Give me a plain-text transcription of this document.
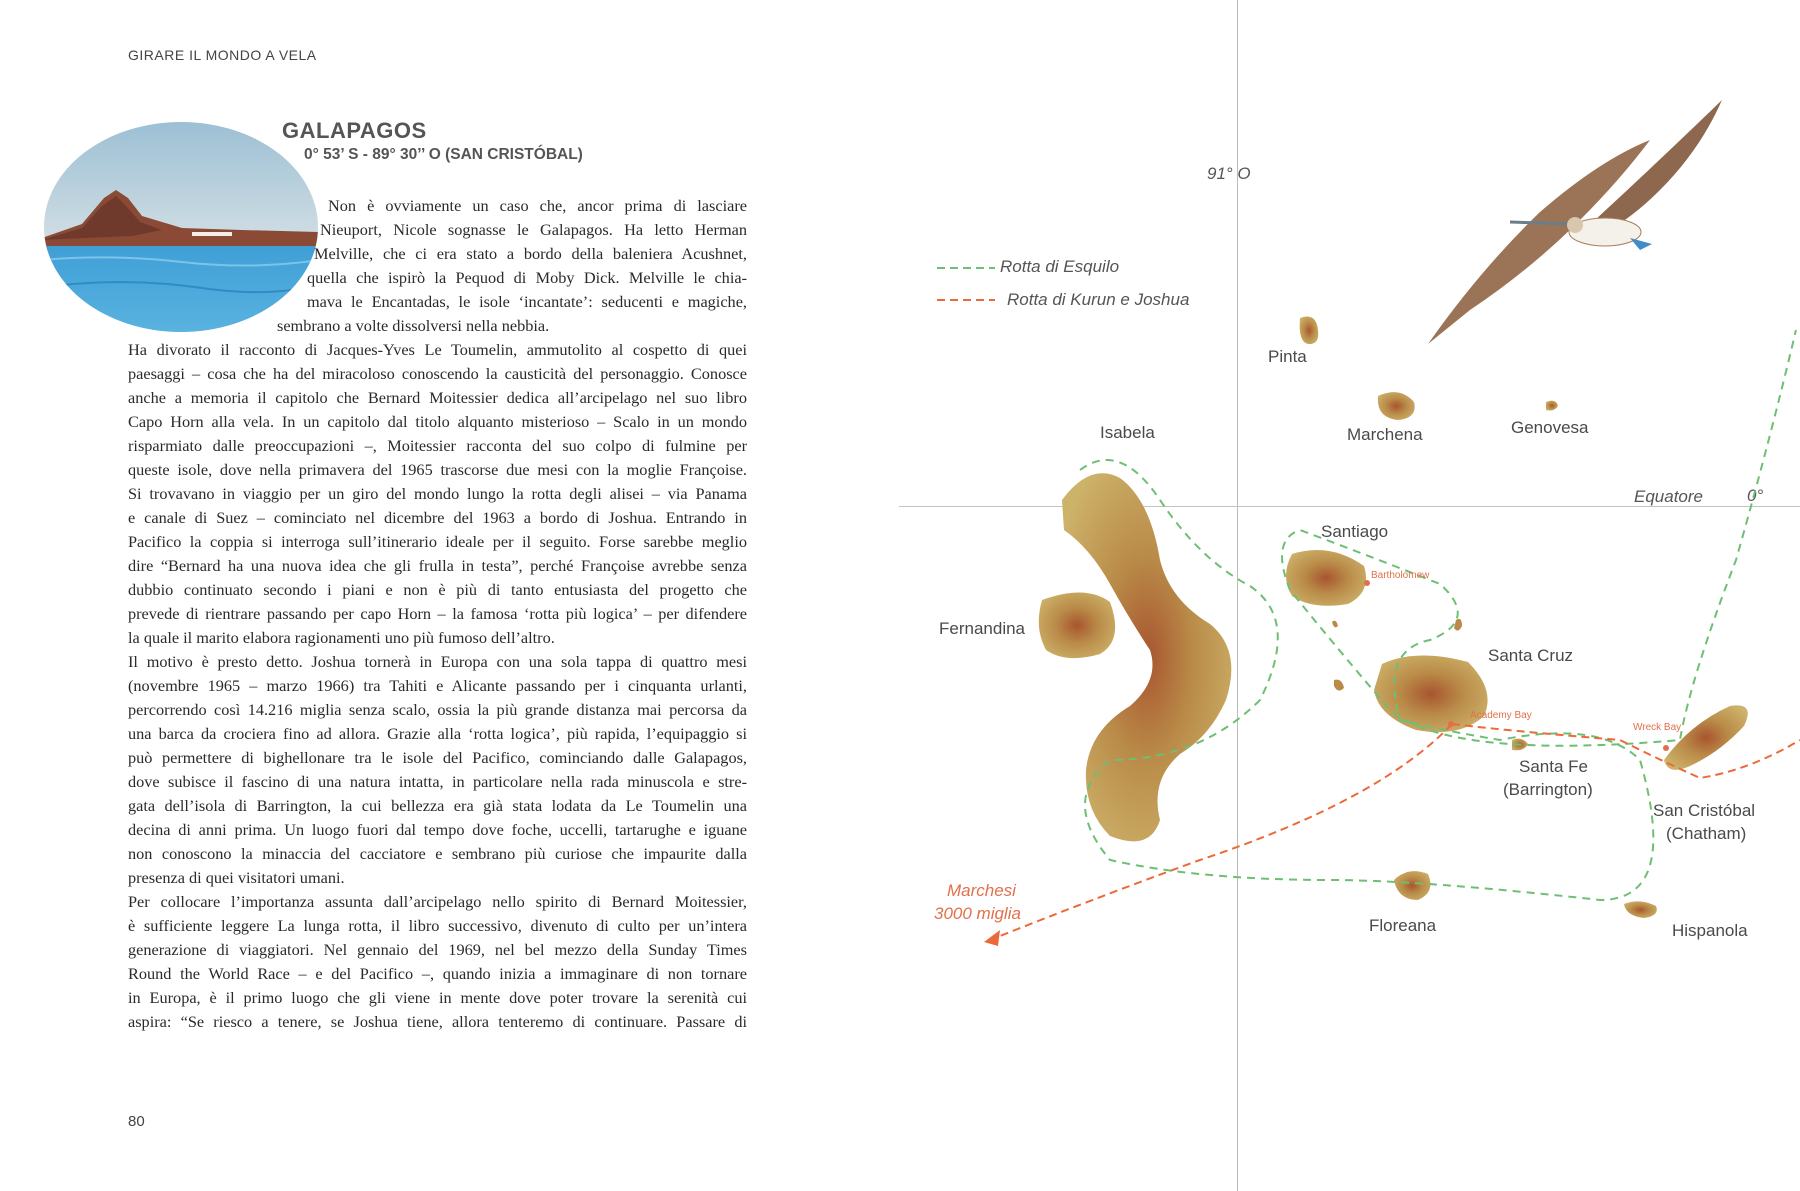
GIRARE IL MONDO A VELA
GALAPAGOS
0° 53’ S - 89° 30’’ O (SAN CRISTÓBAL)
Non è ovviamente un caso che, ancor prima di lasciare
Nieuport, Nicole sognasse le Galapagos. Ha letto Herman
Melville, che ci era stato a bordo della baleniera Acushnet,
quella che ispirò la Pequod di Moby Dick. Melville le chia-
mava le Encantadas, le isole ‘incantate’: seducenti e magiche,
sembrano a volte dissolversi nella nebbia.
Ha divorato il racconto di Jacques-Yves Le Toumelin, ammutolito al cospetto di quei
paesaggi – cosa che ha del miracoloso conoscendo la causticità del personaggio. Conosce
anche a memoria il capitolo che Bernard Moitessier dedica all’arcipelago nel suo libro
Capo Horn alla vela. In un capitolo dal titolo alquanto misterioso – Scalo in un mondo
risparmiato dalle preoccupazioni –, Moitessier racconta del suo colpo di fulmine per
queste isole, dove nella primavera del 1965 trascorse due mesi con la moglie Françoise.
Si trovavano in viaggio per un giro del mondo lungo la rotta degli alisei – via Panama
e canale di Suez – cominciato nel dicembre del 1963 a bordo di Joshua. Entrando in
Pacifico la coppia si interroga sull’itinerario ideale per il seguito. Forse sarebbe meglio
dire “Bernard ha una nuova idea che gli frulla in testa”, perché Françoise avrebbe senza
dubbio continuato secondo i piani e non è più di tanto entusiasta del progetto che
prevede di rientrare passando per capo Horn – la famosa ‘rotta più logica’ – per difendere
la quale il marito elabora ragionamenti uno più fumoso dell’altro.
Il motivo è presto detto. Joshua tornerà in Europa con una sola tappa di quattro mesi
(novembre 1965 – marzo 1966) tra Tahiti e Alicante passando per i cinquanta urlanti,
percorrendo così 14.216 miglia senza scalo, ossia la più grande distanza mai percorsa da
una barca da crociera fino ad allora. Grazie alla ‘rotta logica’, più rapida, l’equipaggio si
può permettere di bighellonare tra le isole del Pacifico, cominciando dalle Galapagos,
dove subisce il fascino di una natura intatta, in particolare nella rada minuscola e stre-
gata dell’isola di Barrington, la cui bellezza era già stata lodata da Le Toumelin una
decina di anni prima. Un luogo fuori dal tempo dove foche, uccelli, tartarughe e iguane
non conoscono la minaccia del cacciatore e sembrano più curiose che impaurite dalla
presenza di quei visitatori umani.
Per collocare l’importanza assunta dall’arcipelago nello spirito di Bernard Moitessier,
è sufficiente leggere La lunga rotta, il libro successivo, divenuto di culto per un’intera
generazione di viaggiatori. Nel gennaio del 1969, nel bel mezzo della Sunday Times
Round the World Race – e del Pacifico –, quando inizia a immaginare di non tornare
in Europa, è il primo luogo che gli viene in mente dove poter trovare la serenità cui
aspira: “Se riesco a tenere, se Joshua tiene, allora tenteremo di continuare. Passare di
80
Rotta di Esquilo
Rotta di Kurun e Joshua
91° O
Equatore	0°
Bartholomew
Academy Bay
Wreck Bay
Pinta
Marchena	Genovesa
Isabela
Santiago
Fernandina
Santa Cruz
Santa Fe
(Barrington)
San Cristóbal
(Chatham)
Floreana	Hispanola
Marchesi
3000 miglia
